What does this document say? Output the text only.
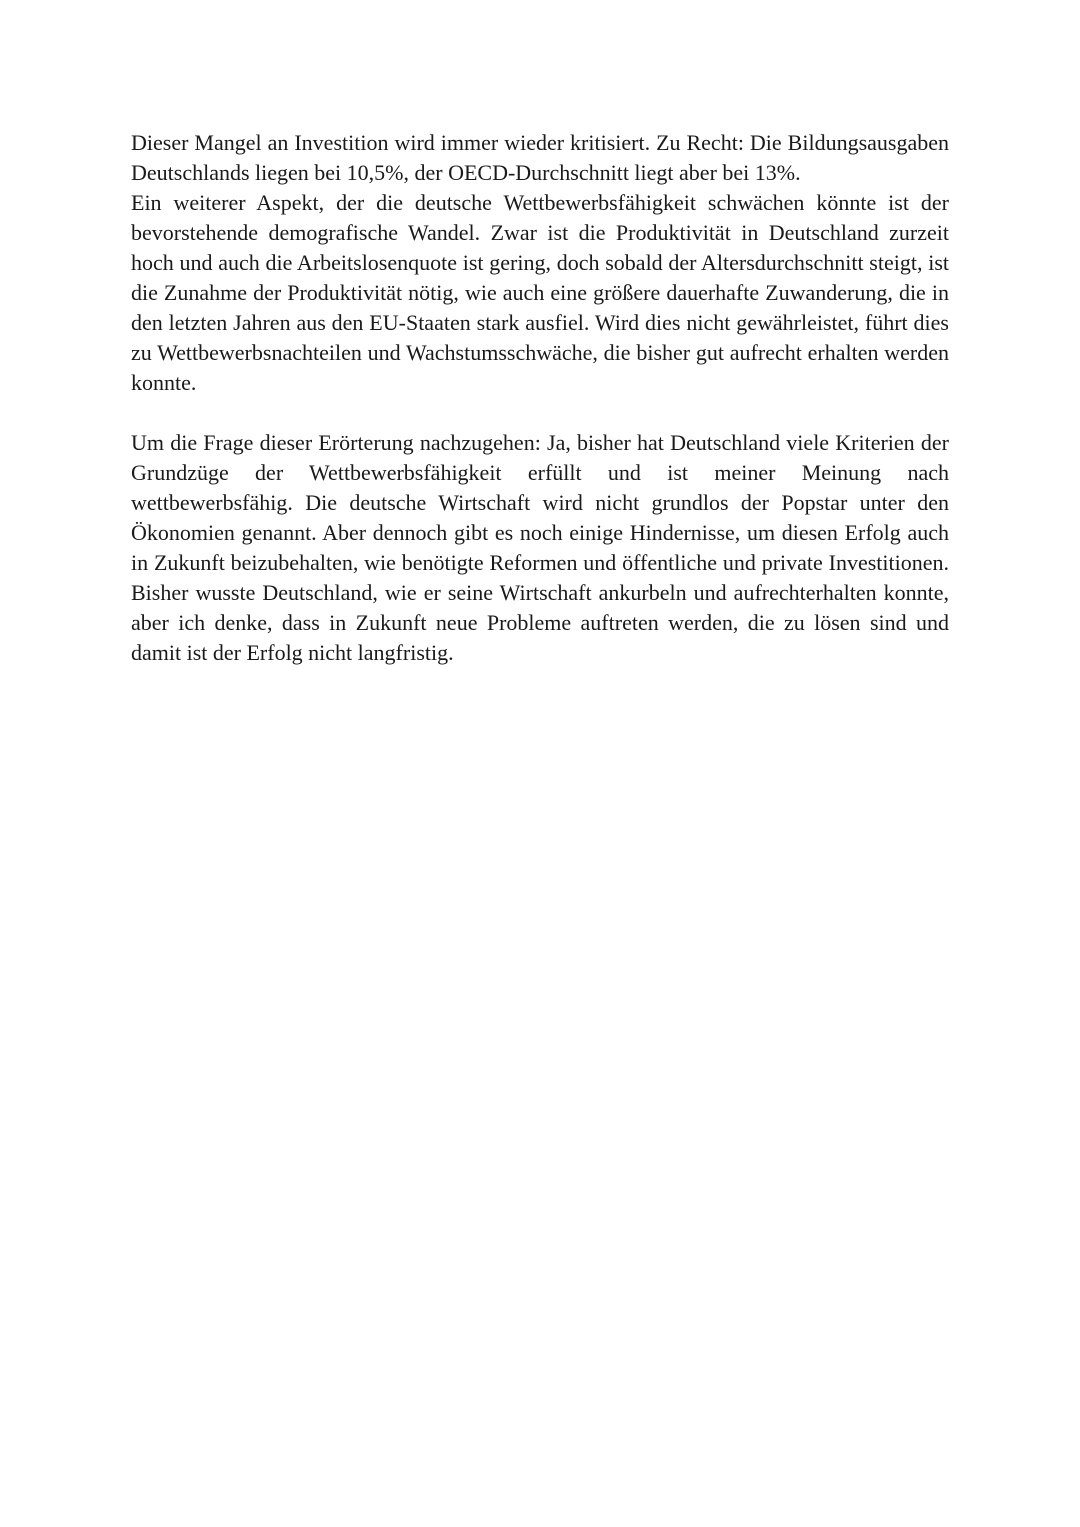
Dieser Mangel an Investition wird immer wieder kritisiert. Zu Recht: Die Bildungsausgaben Deutschlands liegen bei 10,5%, der OECD-Durchschnitt liegt aber bei 13%.

Ein weiterer Aspekt, der die deutsche Wettbewerbsfähigkeit schwächen könnte ist der bevorstehende demografische Wandel. Zwar ist die Produktivität in Deutschland zurzeit hoch und auch die Arbeitslosenquote ist gering, doch sobald der Altersdurchschnitt steigt, ist die Zunahme der Produktivität nötig, wie auch eine größere dauerhafte Zuwanderung, die in den letzten Jahren aus den EU-Staaten stark ausfiel. Wird dies nicht gewährleistet, führt dies zu Wettbewerbsnachteilen und Wachstumsschwäche, die bisher gut aufrecht erhalten werden konnte.

Um die Frage dieser Erörterung nachzugehen: Ja, bisher hat Deutschland viele Kriterien der Grundzüge der Wettbewerbsfähigkeit erfüllt und ist meiner Meinung nach wettbewerbsfähig. Die deutsche Wirtschaft wird nicht grundlos der Popstar unter den Ökonomien genannt. Aber dennoch gibt es noch einige Hindernisse, um diesen Erfolg auch in Zukunft beizubehalten, wie benötigte Reformen und öffentliche und private Investitionen. Bisher wusste Deutschland, wie er seine Wirtschaft ankurbeln und aufrechterhalten konnte, aber ich denke, dass in Zukunft neue Probleme auftreten werden, die zu lösen sind und damit ist der Erfolg nicht langfristig.
